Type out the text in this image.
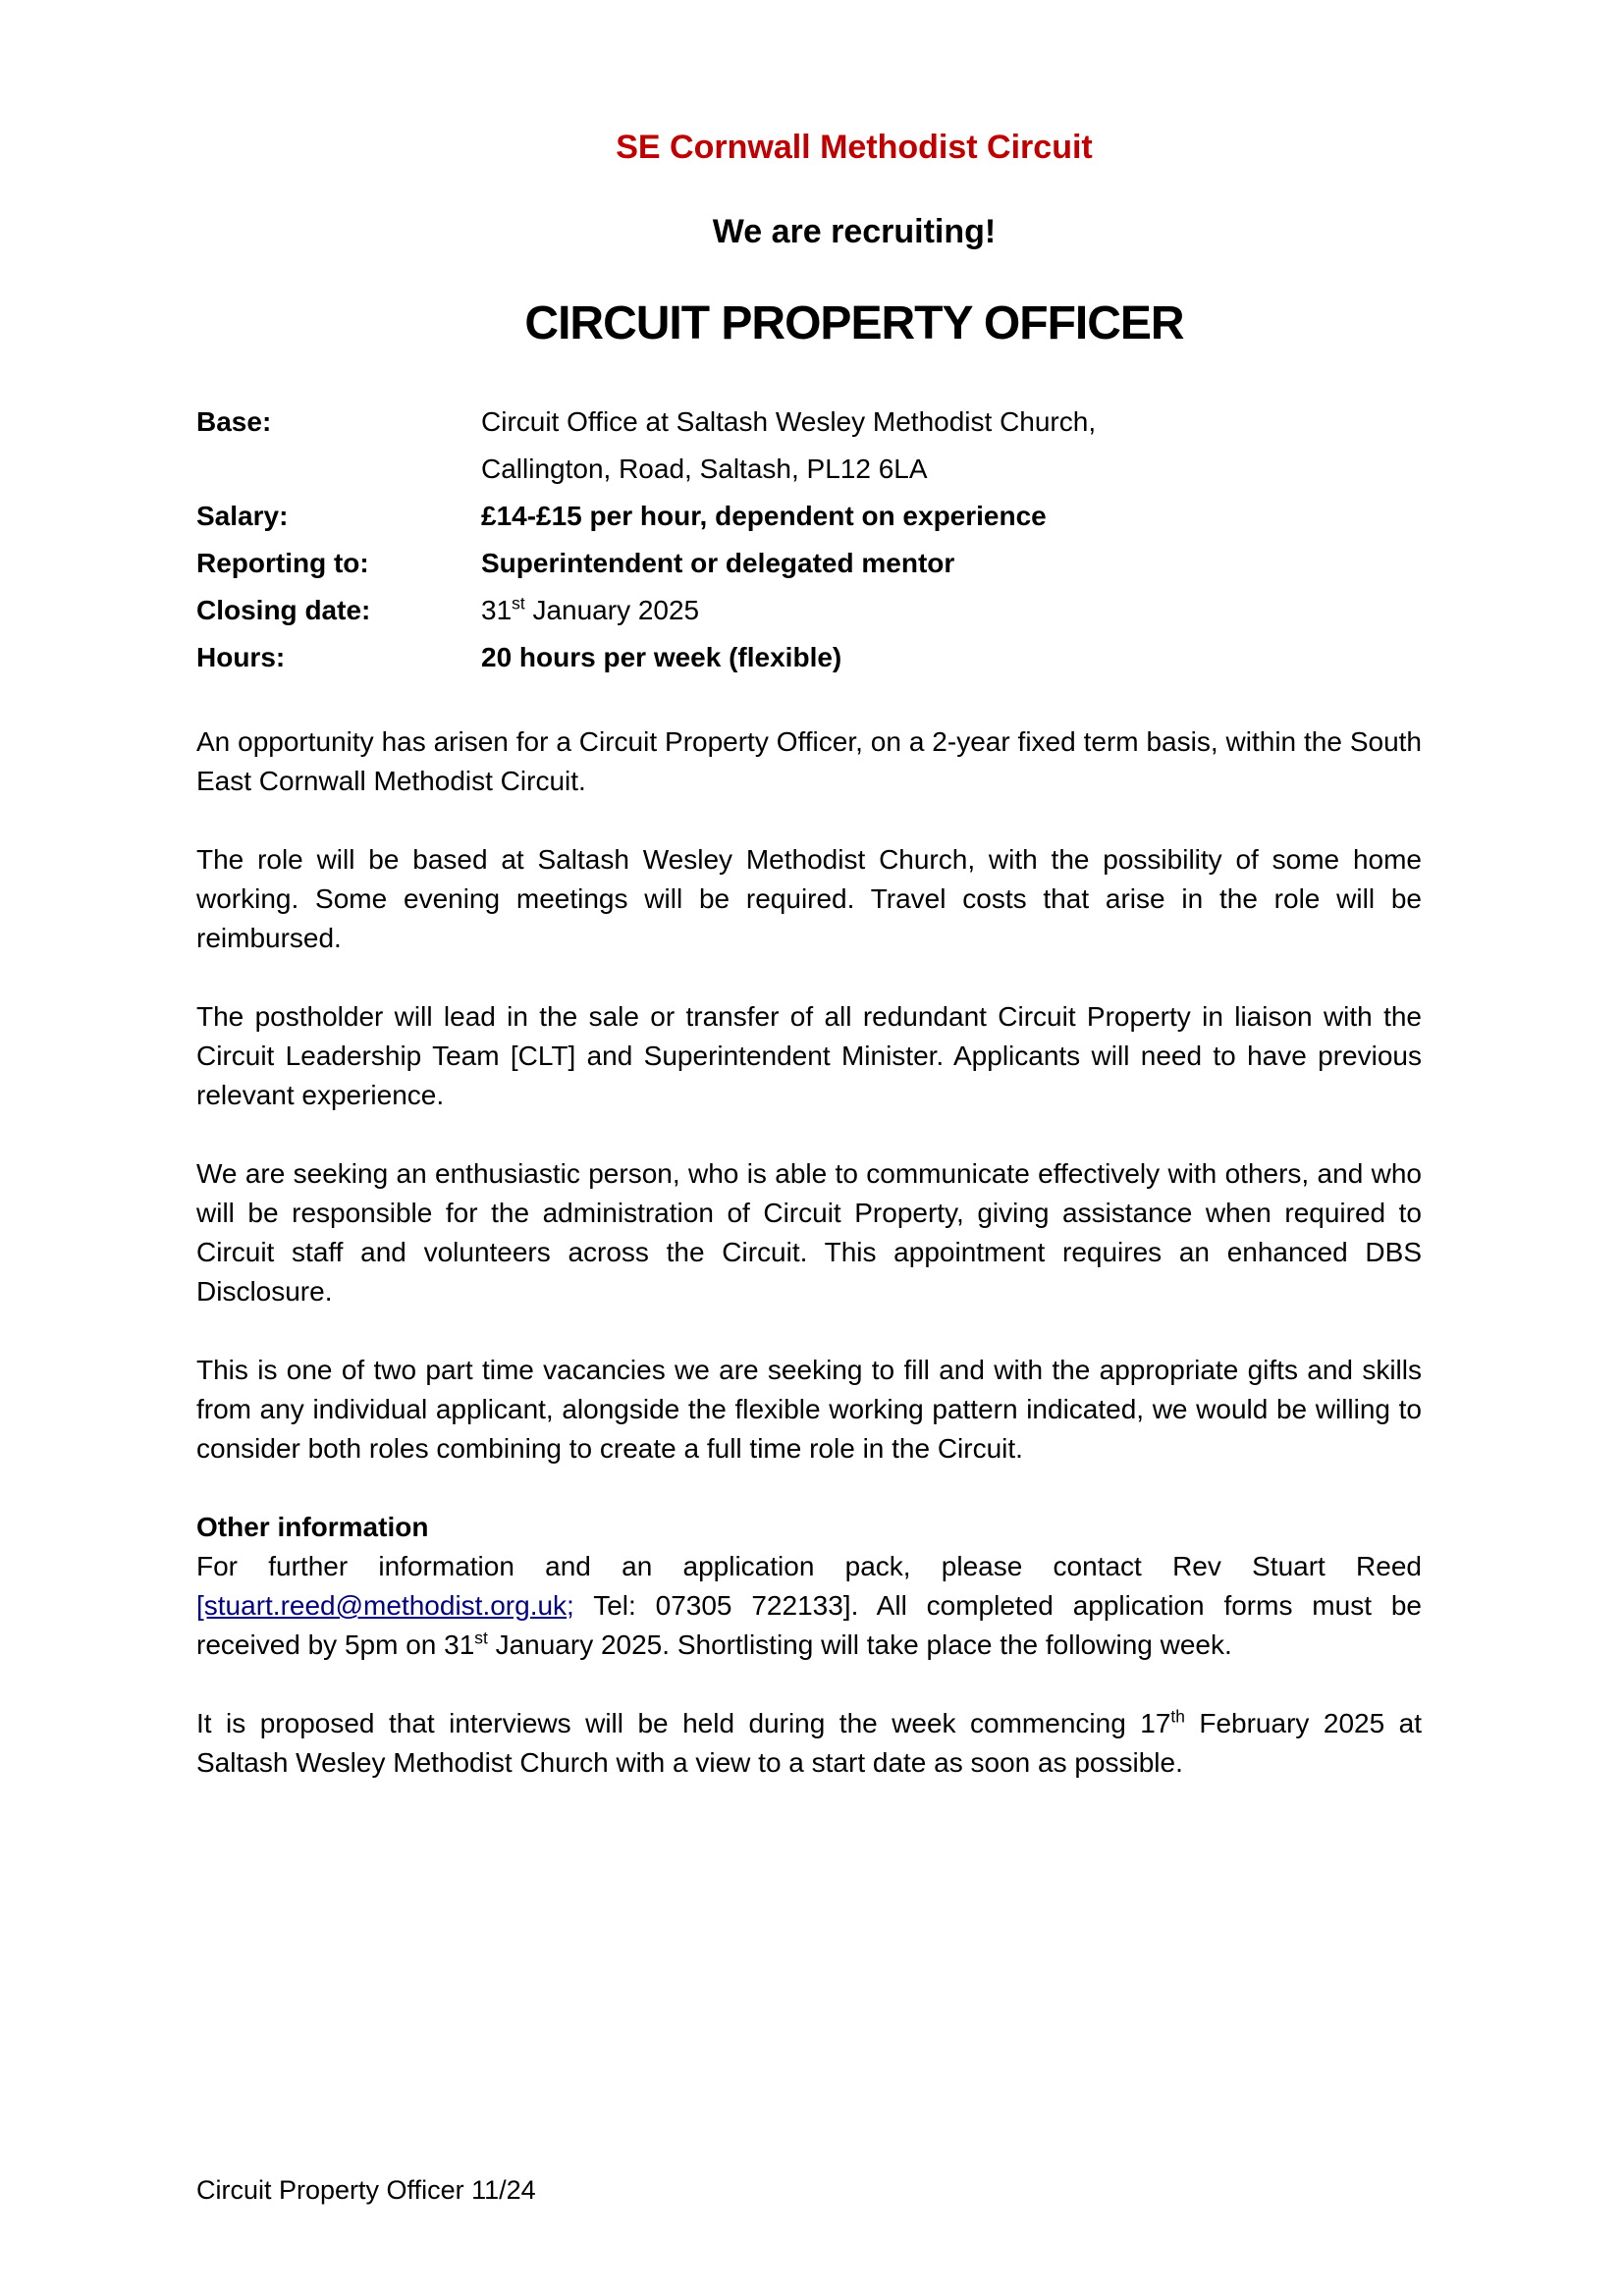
SE Cornwall Methodist Circuit

We are recruiting!

CIRCUIT PROPERTY OFFICER

Base:	Circuit Office at Saltash Wesley Methodist Church,
Callington, Road, Saltash, PL12 6LA
Salary:	£14-£15 per hour, dependent on experience
Reporting to:	Superintendent or delegated mentor
Closing date:	31st January 2025
Hours:	20 hours per week (flexible)

An opportunity has arisen for a Circuit Property Officer, on a 2-year fixed term basis, within the South East Cornwall Methodist Circuit.

The role will be based at Saltash Wesley Methodist Church, with the possibility of some home working. Some evening meetings will be required. Travel costs that arise in the role will be reimbursed.

The postholder will lead in the sale or transfer of all redundant Circuit Property in liaison with the Circuit Leadership Team [CLT] and Superintendent Minister. Applicants will need to have previous relevant experience.

We are seeking an enthusiastic person, who is able to communicate effectively with others, and who will be responsible for the administration of Circuit Property, giving assistance when required to Circuit staff and volunteers across the Circuit. This appointment requires an enhanced DBS Disclosure.

This is one of two part time vacancies we are seeking to fill and with the appropriate gifts and skills from any individual applicant, alongside the flexible working pattern indicated, we would be willing to consider both roles combining to create a full time role in the Circuit.

Other information

For further information and an application pack, please contact Rev Stuart Reed [stuart.reed@methodist.org.uk; Tel: 07305 722133]. All completed application forms must be received by 5pm on 31st January 2025. Shortlisting will take place the following week.

It is proposed that interviews will be held during the week commencing 17th February 2025 at Saltash Wesley Methodist Church with a view to a start date as soon as possible.

Circuit Property Officer 11/24
